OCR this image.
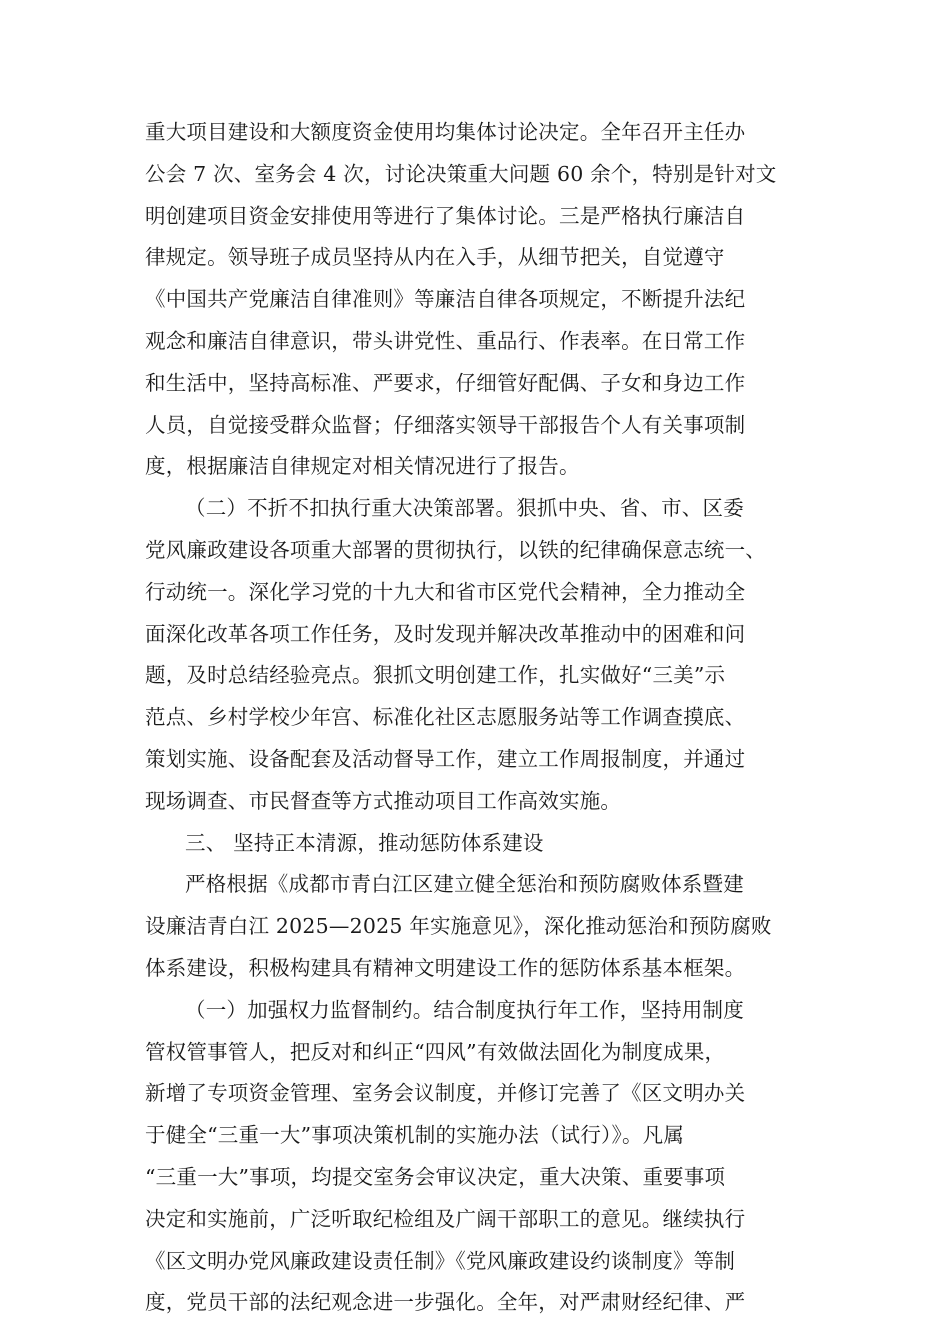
重大项目建设和大额度资金使用均集体讨论决定。全年召开主任办
公会 7 次、室务会 4 次，讨论决策重大问题 60 余个，特别是针对文
明创建项目资金安排使用等进行了集体讨论。三是严格执行廉洁自
律规定。领导班子成员坚持从内在入手，从细节把关，自觉遵守
《中国共产党廉洁自律准则》等廉洁自律各项规定，不断提升法纪
观念和廉洁自律意识，带头讲党性、重品行、作表率。在日常工作
和生活中，坚持高标准、严要求，仔细管好配偶、子女和身边工作
人员，自觉接受群众监督；仔细落实领导干部报告个人有关事项制
度，根据廉洁自律规定对相关情况进行了报告。
（二）不折不扣执行重大决策部署。狠抓中央、省、市、区委
党风廉政建设各项重大部署的贯彻执行，以铁的纪律确保意志统一、
行动统一。深化学习党的十九大和省市区党代会精神，全力推动全
面深化改革各项工作任务，及时发现并解决改革推动中的困难和问
题，及时总结经验亮点。狠抓文明创建工作，扎实做好“三美”示
范点、乡村学校少年宫、标准化社区志愿服务站等工作调查摸底、
策划实施、设备配套及活动督导工作，建立工作周报制度，并通过
现场调查、市民督查等方式推动项目工作高效实施。
三、 坚持正本清源，推动惩防体系建设
严格根据《成都市青白江区建立健全惩治和预防腐败体系暨建
设廉洁青白江 2025—2025 年实施意见》，深化推动惩治和预防腐败
体系建设，积极构建具有精神文明建设工作的惩防体系基本框架。
（一）加强权力监督制约。结合制度执行年工作，坚持用制度
管权管事管人，把反对和纠正“四风”有效做法固化为制度成果，
新增了专项资金管理、室务会议制度，并修订完善了《区文明办关
于健全“三重一大”事项决策机制的实施办法（试行）》。凡属
“三重一大”事项，均提交室务会审议决定，重大决策、重要事项
决定和实施前，广泛听取纪检组及广阔干部职工的意见。继续执行
《区文明办党风廉政建设责任制》《党风廉政建设约谈制度》等制
度，党员干部的法纪观念进一步强化。全年，对严肃财经纪律、严
